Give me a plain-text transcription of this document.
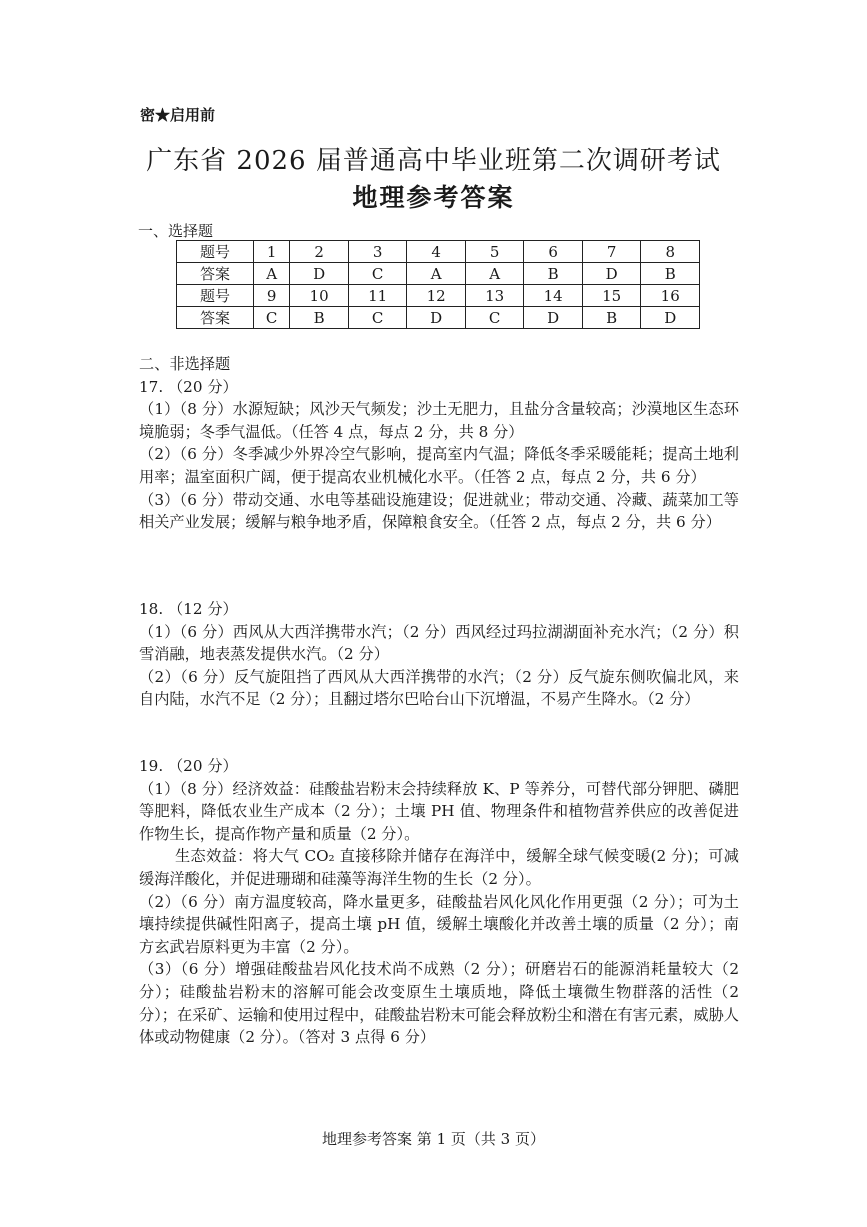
密★启用前
广东省 2026 届普通高中毕业班第二次调研考试
地理参考答案
一、选择题
题号	1	2	3	4	5	6	7	8
答案	A	D	C	A	A	B	D	B
题号	9	10	11	12	13	14	15	16
答案	C	B	C	D	C	D	B	D

二、非选择题

17. （20 分）

（1）（8 分）水源短缺；风沙天气频发；沙土无肥力，且盐分含量较高；沙漠地区生态环境脆弱；冬季气温低。（任答 4 点，每点 2 分，共 8 分）

（2）（6 分）冬季减少外界冷空气影响，提高室内气温；降低冬季采暖能耗；提高土地利用率；温室面积广阔，便于提高农业机械化水平。（任答 2 点，每点 2 分，共 6 分）

（3）（6 分）带动交通、水电等基础设施建设；促进就业；带动交通、冷藏、蔬菜加工等相关产业发展；缓解与粮争地矛盾，保障粮食安全。（任答 2 点，每点 2 分，共 6 分）

18. （12 分）

（1）（6 分）西风从大西洋携带水汽；（2 分）西风经过玛拉湖湖面补充水汽；（2 分）积雪消融，地表蒸发提供水汽。（2 分）

（2）（6 分）反气旋阻挡了西风从大西洋携带的水汽；（2 分）反气旋东侧吹偏北风，来自内陆，水汽不足（2 分）；且翻过塔尔巴哈台山下沉增温，不易产生降水。（2 分）

19. （20 分）

（1）（8 分）经济效益：硅酸盐岩粉末会持续释放 K、P 等养分，可替代部分钾肥、磷肥等肥料，降低农业生产成本（2 分）；土壤 PH 值、物理条件和植物营养供应的改善促进作物生长，提高作物产量和质量（2 分）。

生态效益：将大气 CO₂ 直接移除并储存在海洋中，缓解全球气候变暖(2 分)；可减缓海洋酸化，并促进珊瑚和硅藻等海洋生物的生长（2 分）。

（2）（6 分）南方温度较高，降水量更多，硅酸盐岩风化风化作用更强（2 分）；可为土壤持续提供碱性阳离子，提高土壤 pH 值，缓解土壤酸化并改善土壤的质量（2 分）；南方玄武岩原料更为丰富（2 分）。

（3）（6 分）增强硅酸盐岩风化技术尚不成熟（2 分）；研磨岩石的能源消耗量较大（2 分）；硅酸盐岩粉末的溶解可能会改变原生土壤质地，降低土壤微生物群落的活性（2 分）；在采矿、运输和使用过程中，硅酸盐岩粉末可能会释放粉尘和潜在有害元素，威胁人体或动物健康（2 分）。（答对 3 点得 6 分）

地理参考答案 第 1 页（共 3 页）
